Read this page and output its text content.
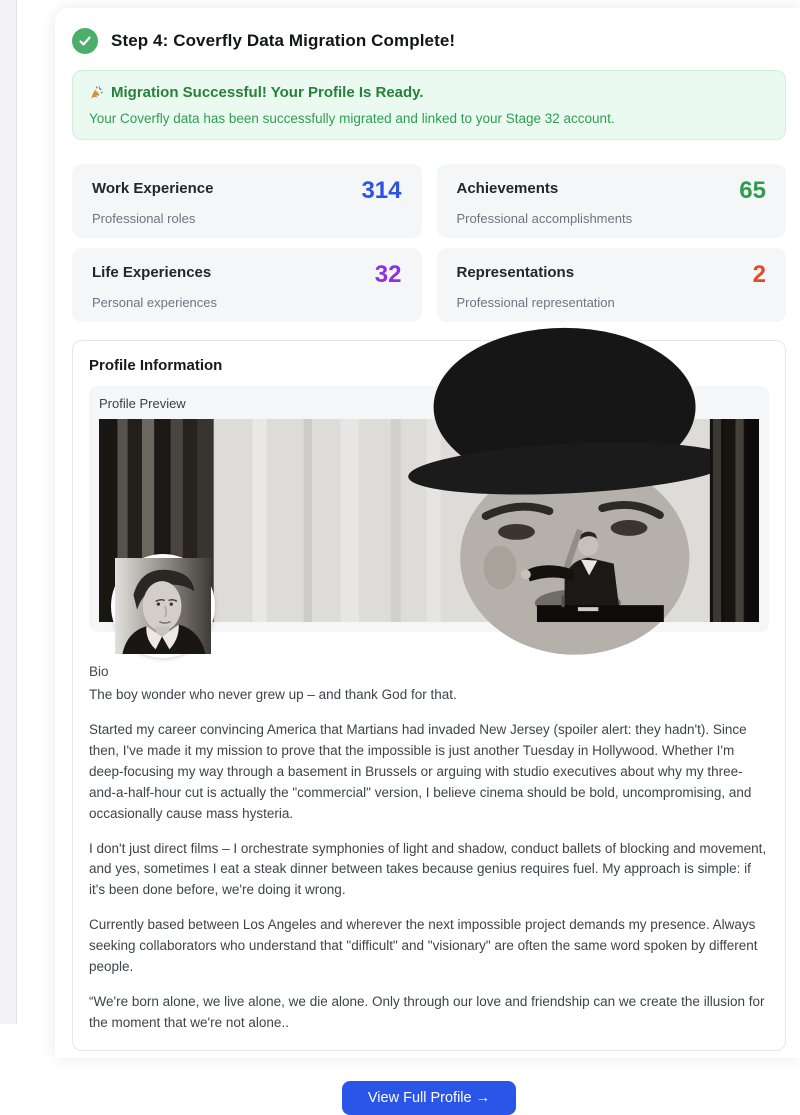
Step 4: Coverfly Data Migration Complete!
Migration Successful! Your Profile Is Ready.

Your Coverfly data has been successfully migrated and linked to your Stage 32 account.

Work Experience	314
Professional roles
Achievements	65
Professional accomplishments
Life Experiences	32
Personal experiences
Representations	2
Professional representation
Profile Information
Profile Preview
Bio

The boy wonder who never grew up – and thank God for that.

Started my career convincing America that Martians had invaded New Jersey (spoiler alert: they hadn't). Since then, I've made it my mission to prove that the impossible is just another Tuesday in Hollywood. Whether I'm deep-focusing my way through a basement in Brussels or arguing with studio executives about why my three-and-a-half-hour cut is actually the "commercial" version, I believe cinema should be bold, uncompromising, and occasionally cause mass hysteria.

I don't just direct films – I orchestrate symphonies of light and shadow, conduct ballets of blocking and movement, and yes, sometimes I eat a steak dinner between takes because genius requires fuel. My approach is simple: if it's been done before, we're doing it wrong.

Currently based between Los Angeles and wherever the next impossible project demands my presence. Always seeking collaborators who understand that "difficult" and "visionary" are often the same word spoken by different people.

“We're born alone, we live alone, we die alone. Only through our love and friendship can we create the illusion for the moment that we're not alone..

View Full Profile →
